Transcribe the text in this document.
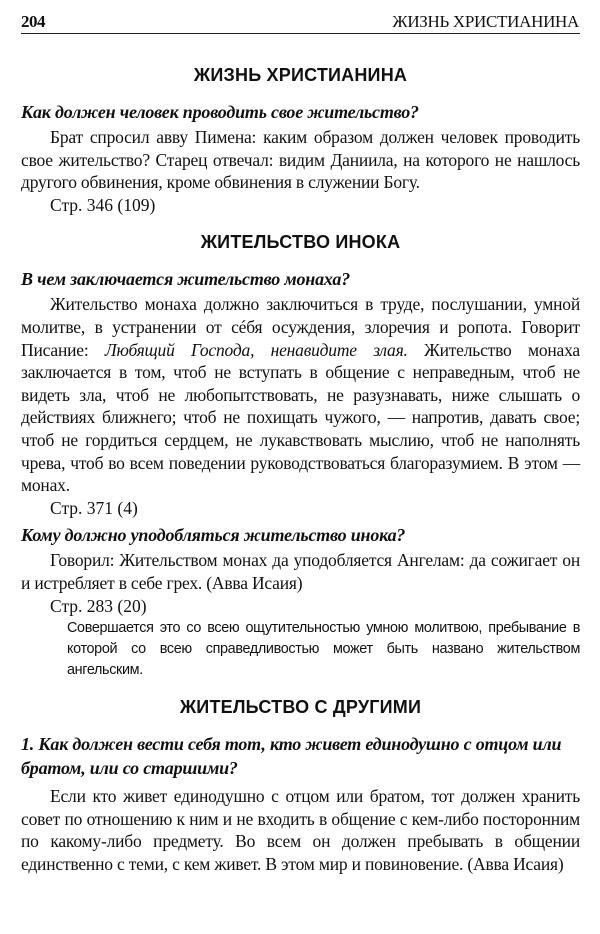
204	ЖИЗНЬ ХРИСТИАНИНА
ЖИЗНЬ ХРИСТИАНИНА
Как должен человек проводить свое жительство?

Брат спросил авву Пимена: каким образом должен человек проводить свое жительство? Старец отвечал: видим Даниила, на которого не нашлось другого обвинения, кроме обвинения в служении Богу.

Стр. 346 (109)

ЖИТЕЛЬСТВО ИНОКА
В чем заключается жительство монаха?

Жительство монаха должно заключиться в труде, послушании, умной молитве, в устранении от сéбя осуждения, злоречия и ропота. Говорит Писание: Любящий Господа, ненавидите злая. Жительство монаха заключается в том, чтоб не вступать в общение с неправедным, чтоб не видеть зла, чтоб не любопытствовать, не разузнавать, ниже слышать о действиях ближнего; чтоб не похищать чужого, — напротив, давать свое; чтоб не гордиться сердцем, не лукавствовать мыслию, чтоб не наполнять чрева, чтоб во всем поведении руководствоваться благоразумием. В этом — монах.

Стр. 371 (4)

Кому должно уподобляться жительство инока?

Говорил: Жительством монах да уподобляется Ангелам: да сожигает он и истребляет в себе грех. (Авва Исаия)

Стр. 283 (20)

Совершается это со всею ощутительностью умною молитвою, пребывание в которой со всею справедливостью может быть названо жительством ангельским.

ЖИТЕЛЬСТВО С ДРУГИМИ
1. Как должен вести себя тот, кто живет единодушно с отцом или братом, или со старшими?

Если кто живет единодушно с отцом или братом, тот должен хранить совет по отношению к ним и не входить в общение с кем-либо посторонним по какому-либо предмету. Во всем он должен пребывать в общении единственно с теми, с кем живет. В этом мир и повиновение. (Авва Исаия)
